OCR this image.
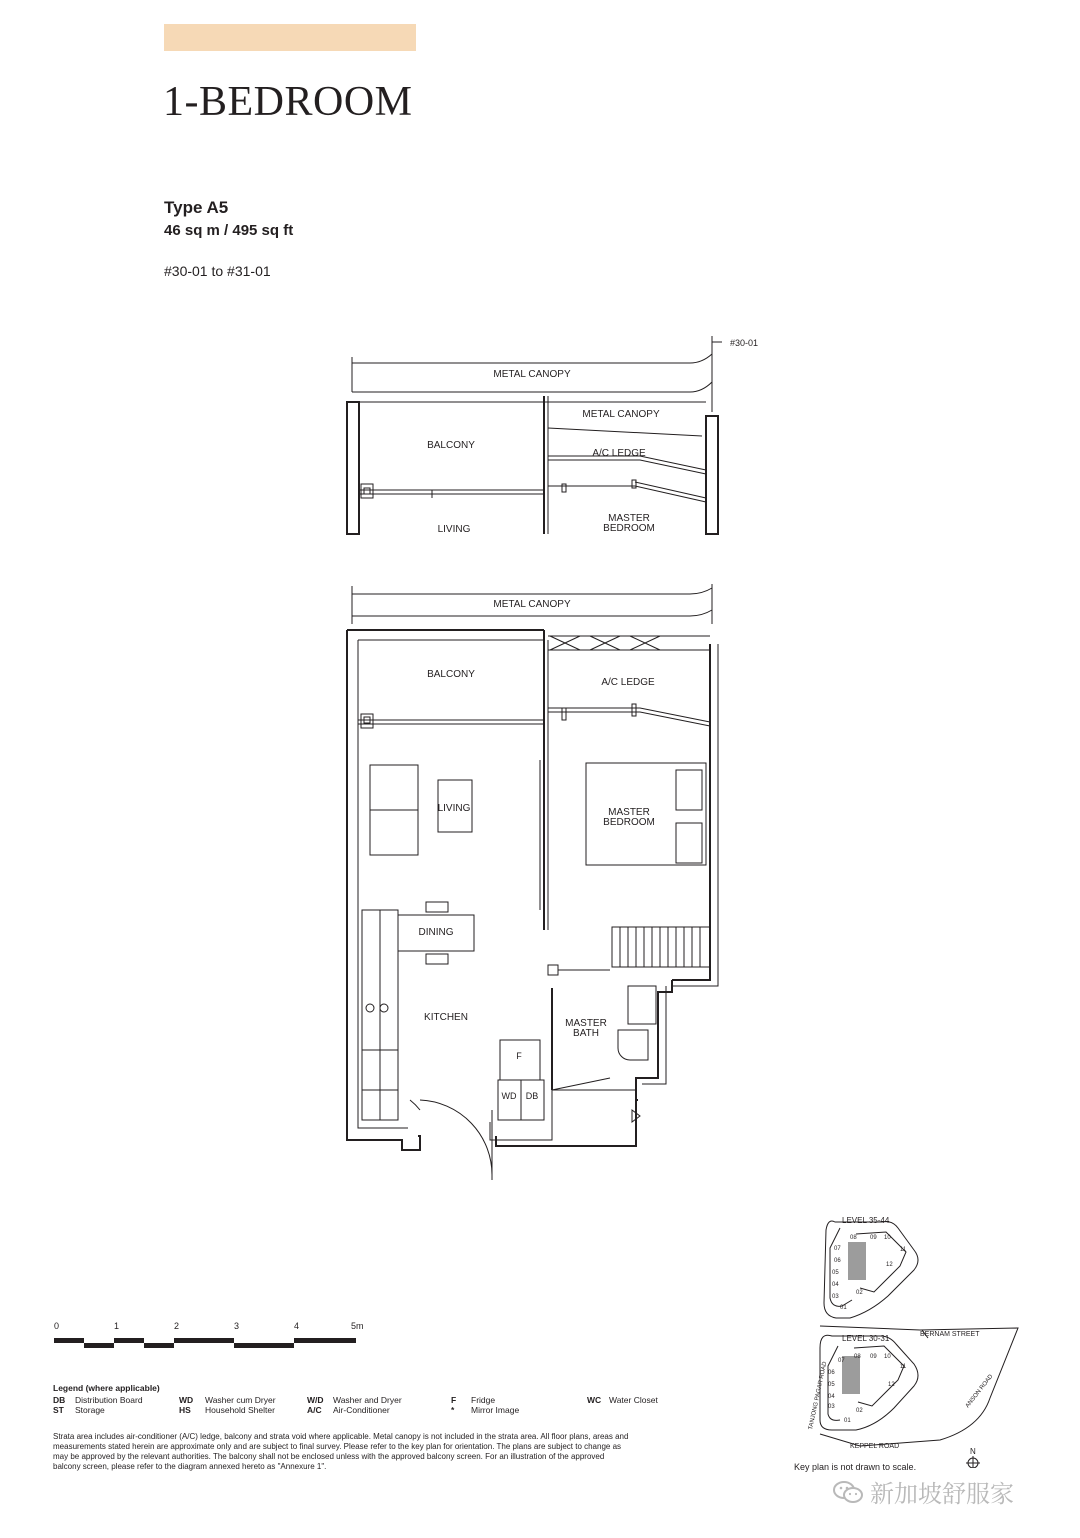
1-BEDROOM
Type A5
46 sq m / 495 sq ft
#30-01 to #31-01
#30-01
METAL CANOPY
METAL CANOPY
BALCONY
A/C LEDGE
LIVING
MASTER
BEDROOM
METAL CANOPY
BALCONY
A/C LEDGE
LIVING	MASTER
BEDROOM
DINING
KITCHEN
MASTER
BATH
F
WD DB
0	1	2	3	4	5m
Legend (where applicable)
DB	Distribution Board	WD	Washer cum Dryer	W/D	Washer and Dryer	F	Fridge	WC Water Closet
ST	Storage	HS	Household Shelter	A/C	Air-Conditioner	*	Mirror Image
Strata area includes air-conditioner (A/C) ledge, balcony and strata void where applicable. Metal canopy is not included in the strata area. All floor plans, areas and measurements stated herein are approximate only and are subject to final survey. Please refer to the key plan for orientation. The plans are subject to change as may be approved by the relevant authorities. The balcony shall not be enclosed unless with the approved balcony screen. For an illustration of the approved balcony screen, please refer to the diagram annexed hereto as "Annexure 1".
LEVEL 35-44
LEVEL 30-31
08 09 10
11
07
06
05
04
03
01
02
12
07
08 09 10
11
06
05
04
03
12
02
01
BERNAM STREET
TANJONG PAGAR ROAD	ANSON ROAD
KEPPEL ROAD
N
Key plan is not drawn to scale.
新加坡舒服家
